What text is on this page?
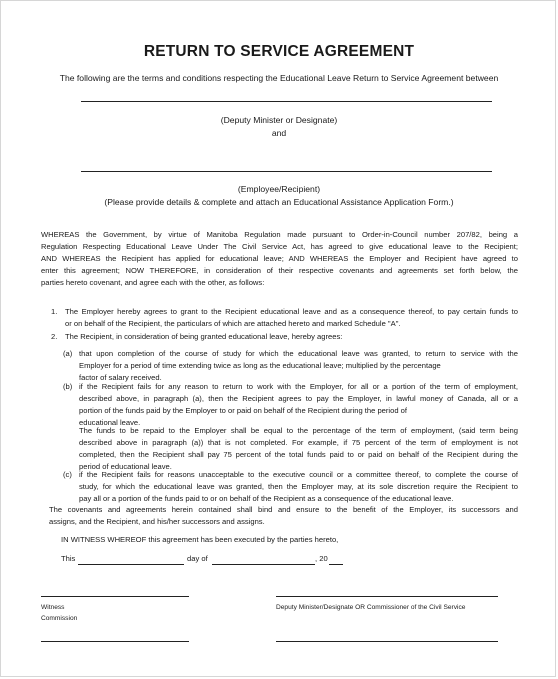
RETURN TO SERVICE AGREEMENT
The following are the terms and conditions respecting the Educational Leave Return to Service Agreement between
(Deputy Minister or Designate)
and
(Employee/Recipient)
(Please provide details & complete and attach an Educational Assistance Application Form.)
WHEREAS the Government, by virtue of Manitoba Regulation made pursuant to Order-in-Council number 207/82, being a
Regulation Respecting Educational Leave Under The Civil Service Act, has agreed to give educational leave to the Recipient;
AND WHEREAS the Recipient has applied for educational leave; AND WHEREAS the Employer and Recipient have agreed to
enter this agreement; NOW THEREFORE, in consideration of their respective covenants and agreements set forth below, the
parties hereto covenant, and agree each with the other, as follows:
1. The Employer hereby agrees to grant to the Recipient educational leave and as a consequence thereof, to pay certain funds to
or on behalf of the Recipient, the particulars of which are attached hereto and marked Schedule "A".
2. The Recipient, in consideration of being granted educational leave, hereby agrees:
(a) that upon completion of the course of study for which the educational leave was granted, to return to service with the
Employer for a period of time extending twice as long as the educational leave; multiplied by the percentage
factor of salary received.
(b) if the Recipient fails for any reason to return to work with the Employer, for all or a portion of the term of employment,
described above, in paragraph (a), then the Recipient agrees to pay the Employer, in lawful money of Canada, all or a
portion of the funds paid by the Employer to or paid on behalf of the Recipient during the period of
educational leave.
The funds to be repaid to the Employer shall be equal to the percentage of the term of employment, (said term being
described above in paragraph (a)) that is not completed. For example, if 75 percent of the term of employment is not
completed, then the Recipient shall pay 75 percent of the total funds paid to or paid on behalf of the Recipient during the
period of educational leave.
(c) if the Recipient fails for reasons unacceptable to the executive council or a committee thereof, to complete the course of
study, for which the educational leave was granted, then the Employer may, at its sole discretion require the Recipient to
pay all or a portion of the funds paid to or on behalf of the Recipient as a consequence of the educational leave.
The covenants and agreements herein contained shall bind and ensure to the benefit of the Employer, its successors and
assigns, and the Recipient, and his/her successors and assigns.
IN WITNESS WHEREOF this agreement has been executed by the parties hereto,
This	day of	, 20
Witness
Commission
Deputy Minister/Designate OR Commissioner of the Civil Service
